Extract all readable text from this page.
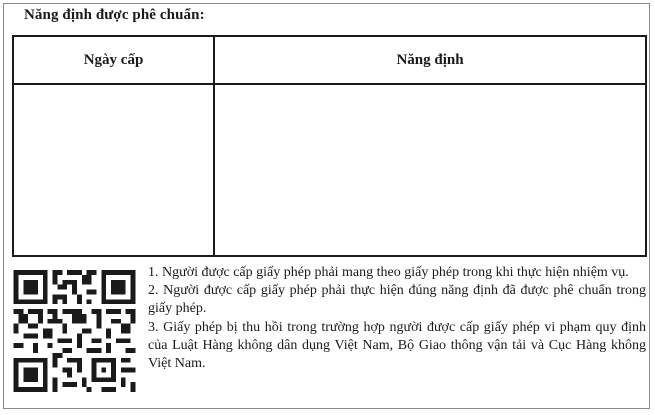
Năng định được phê chuẩn:
Ngày cấp	Năng định

1. Người được cấp giấy phép phải mang theo giấy phép trong khi thực hiện nhiệm vụ.

2. Người được cấp giấy phép phải thực hiện đúng năng định đã được phê chuẩn trong giấy phép.

3. Giấy phép bị thu hồi trong trường hợp người được cấp giấy phép vi phạm quy định của Luật Hàng không dân dụng Việt Nam, Bộ Giao thông vận tải và Cục Hàng không Việt Nam.
